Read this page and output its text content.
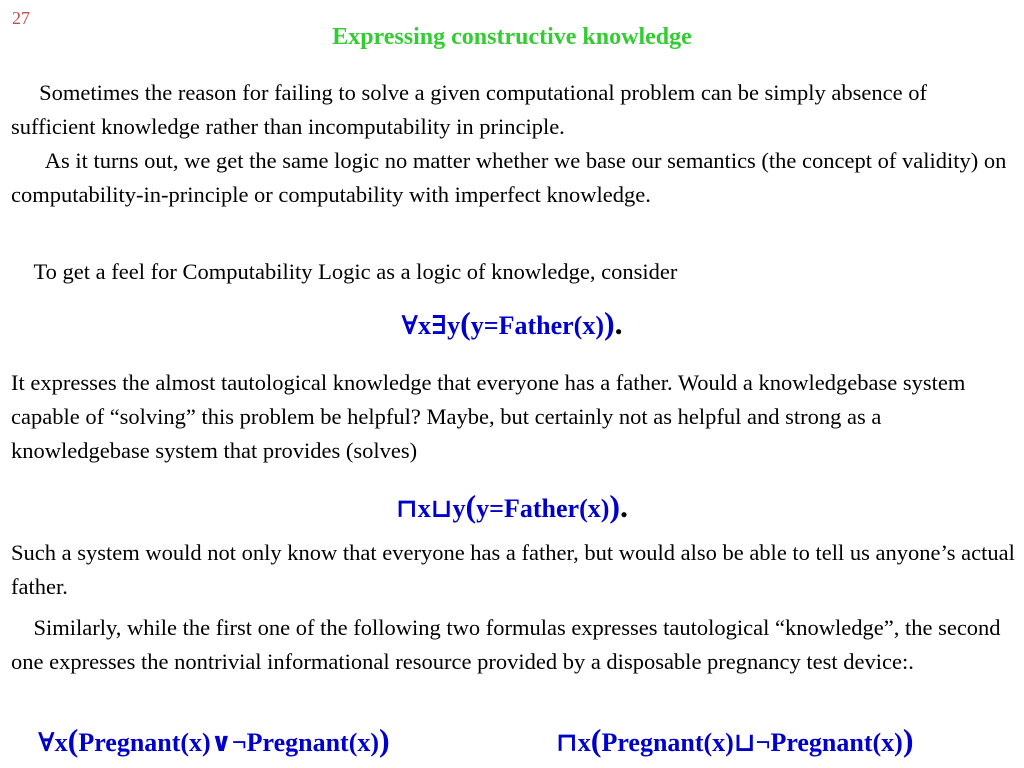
27
Expressing constructive knowledge

Sometimes the reason for failing to solve a given computational problem can be simply absence of sufficient knowledge rather than incomputability in principle.

As it turns out, we get the same logic no matter whether we base our semantics (the concept of validity) on computability-in-principle or computability with imperfect knowledge.

To get a feel for Computability Logic as a logic of knowledge, consider

∀x∃y(y=Father(x)).

It expresses the almost tautological knowledge that everyone has a father. Would a knowledgebase system capable of “solving” this problem be helpful? Maybe, but certainly not as helpful and strong as a knowledgebase system that provides (solves)

⊓x⊔y(y=Father(x)).

Such a system would not only know that everyone has a father, but would also be able to tell us anyone’s actual father.

Similarly, while the first one of the following two formulas expresses tautological “knowledge”, the second one expresses the nontrivial informational resource provided by a disposable pregnancy test device:.

∀x(Pregnant(x)∨¬Pregnant(x))	⊓x(Pregnant(x)⊔¬Pregnant(x))
